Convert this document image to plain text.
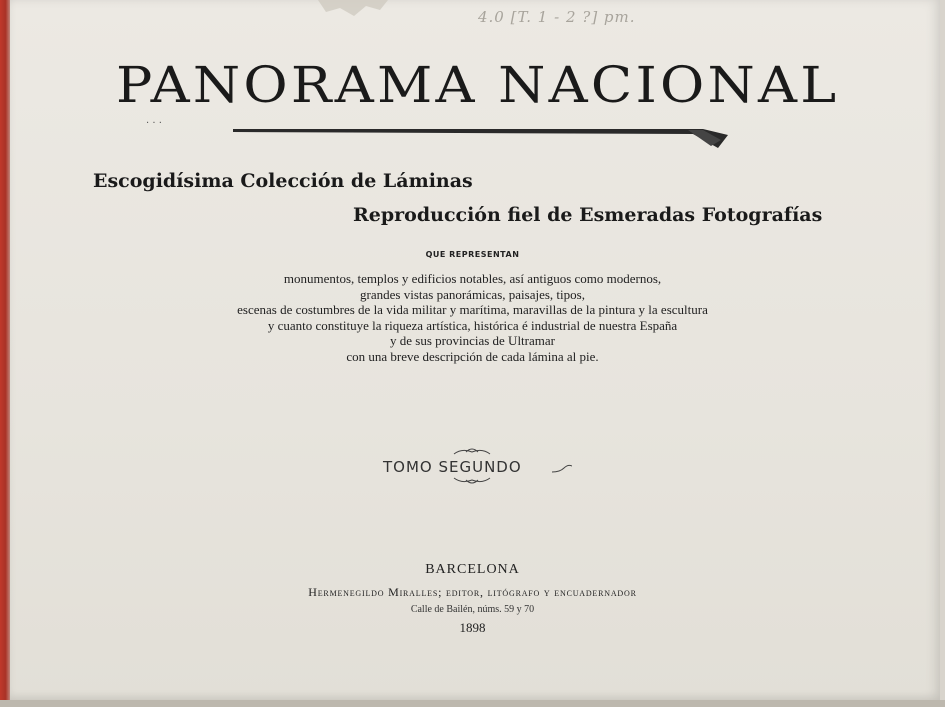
4.0 [T. 1 - 2 ?] pm.
PANORAMA NACIONAL
· · ·
Escogidísima Colección de Láminas
Reproducción fiel de Esmeradas Fotografías
QUE REPRESENTAN
monumentos, templos y edificios notables, así antiguos como modernos,
grandes vistas panorámicas, paisajes, tipos,
escenas de costumbres de la vida militar y marítima, maravillas de la pintura y la escultura
y cuanto constituye la riqueza artística, histórica é industrial de nuestra España
y de sus provincias de Ultramar
con una breve descripción de cada lámina al pie.
TOMO SEGUNDO
BARCELONA
Hermenegildo Miralles; editor, litógrafo y encuadernador
Calle de Bailén, núms. 59 y 70
1898
